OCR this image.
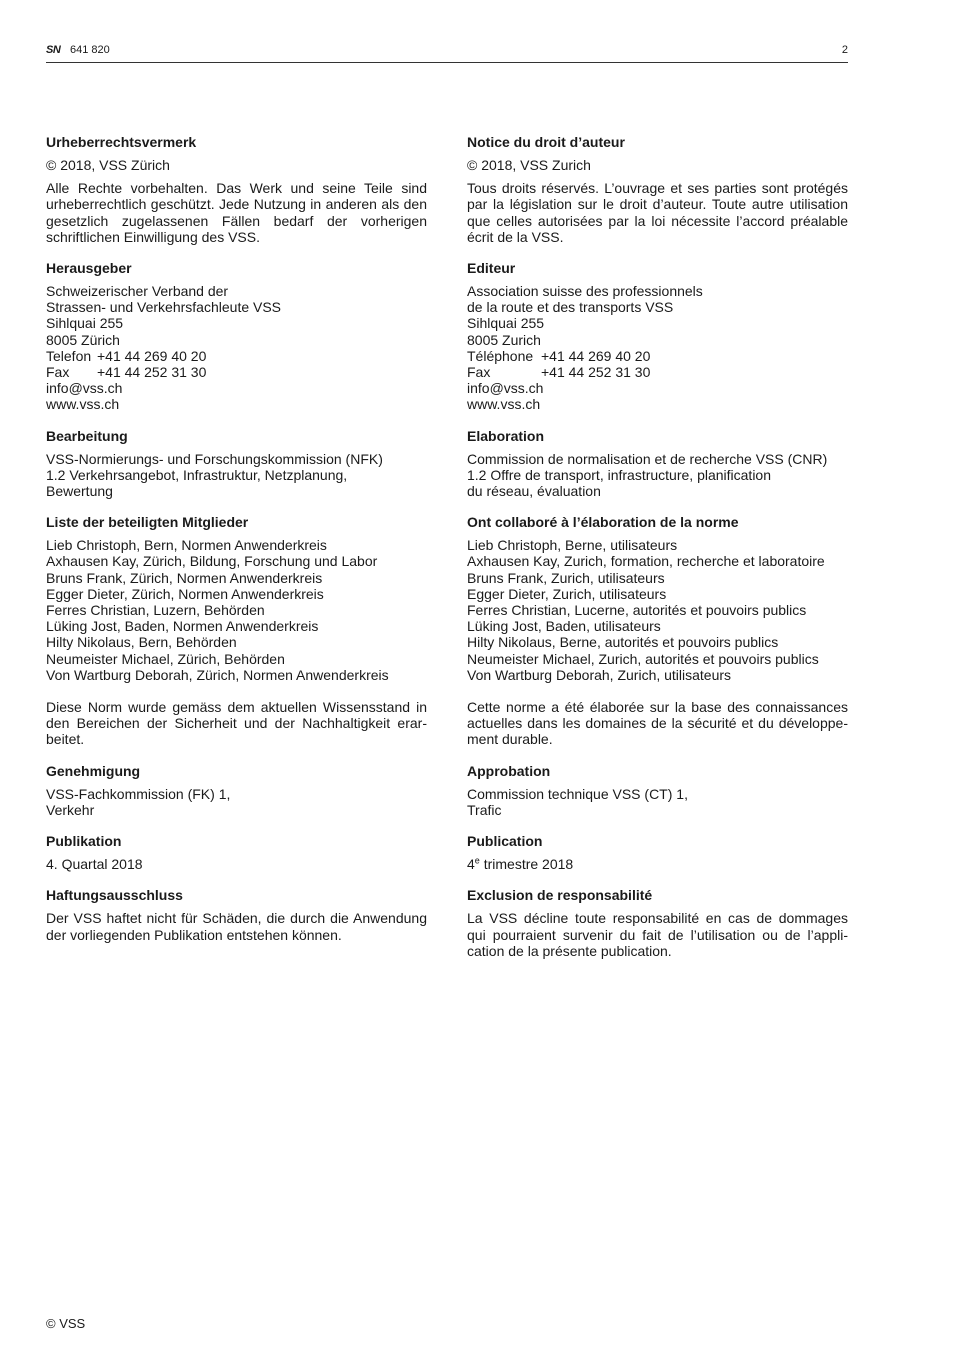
SN 641 820	2
Urheberrechtsvermerk

© 2018, VSS Zürich

Alle Rechte vorbehalten. Das Werk und seine Teile sind urheberrechtlich geschützt. Jede Nutzung in anderen als den gesetzlich zugelassenen Fällen bedarf der vorherigen schriftlichen Einwilligung des VSS.

Herausgeber
Schweizerischer Verband der
Strassen- und Verkehrsfachleute VSS
Sihlquai 255
8005 Zürich
Telefon +41 44 269 40 20
Fax +41 44 252 31 30
info@vss.ch
www.vss.ch
Bearbeitung
VSS-Normierungs- und Forschungskommission (NFK)
1.2 Verkehrsangebot, Infrastruktur, Netzplanung,
Bewertung
Liste der beteiligten Mitglieder
Lieb Christoph, Bern, Normen Anwenderkreis
Axhausen Kay, Zürich, Bildung, Forschung und Labor
Bruns Frank, Zürich, Normen Anwenderkreis
Egger Dieter, Zürich, Normen Anwenderkreis
Ferres Christian, Luzern, Behörden
Lüking Jost, Baden, Normen Anwenderkreis
Hilty Nikolaus, Bern, Behörden
Neumeister Michael, Zürich, Behörden
Von Wartburg Deborah, Zürich, Normen Anwenderkreis

Diese Norm wurde gemäss dem aktuellen Wissensstand in den Bereichen der Sicherheit und der Nachhaltigkeit erarbeitet.

Genehmigung
VSS-Fachkommission (FK) 1,
Verkehr
Publikation

4. Quartal 2018

Haftungsausschluss

Der VSS haftet nicht für Schäden, die durch die Anwendung der vorliegenden Publikation entstehen können.

Notice du droit d’auteur

© 2018, VSS Zurich

Tous droits réservés. L’ouvrage et ses parties sont protégés par la législation sur le droit d’auteur. Toute autre utilisation que celles autorisées par la loi nécessite l’accord préalable écrit de la VSS.

Editeur
Association suisse des professionnels
de la route et des transports VSS
Sihlquai 255
8005 Zurich
Téléphone +41 44 269 40 20
Fax	+41 44 252 31 30
info@vss.ch
www.vss.ch
Elaboration
Commission de normalisation et de recherche VSS (CNR)
1.2 Offre de transport, infrastructure, planification
du réseau, évaluation
Ont collaboré à l’élaboration de la norme
Lieb Christoph, Berne, utilisateurs
Axhausen Kay, Zurich, formation, recherche et laboratoire
Bruns Frank, Zurich, utilisateurs
Egger Dieter, Zurich, utilisateurs
Ferres Christian, Lucerne, autorités et pouvoirs publics
Lüking Jost, Baden, utilisateurs
Hilty Nikolaus, Berne, autorités et pouvoirs publics
Neumeister Michael, Zurich, autorités et pouvoirs publics
Von Wartburg Deborah, Zurich, utilisateurs

Cette norme a été élaborée sur la base des connaissances actuelles dans les domaines de la sécurité et du développement durable.

Approbation
Commission technique VSS (CT) 1,
Trafic
Publication

4e trimestre 2018

Exclusion de responsabilité

La VSS décline toute responsabilité en cas de dommages qui pourraient survenir du fait de l’utilisation ou de l’application de la présente publication.

© VSS
